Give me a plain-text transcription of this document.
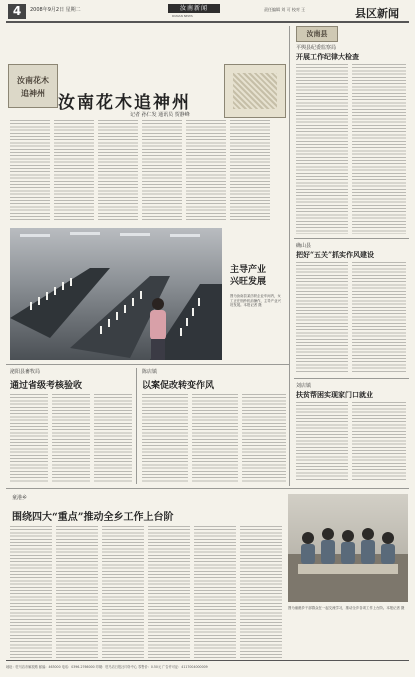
4	2008年9月2日 星期二	汝南新闻
RUNAN NEWS
责任编辑 刘 可 校对 王	县区新闻
汝南花木追神州
记者 孙仁发 通讯员 贺静峰
汝南花木
追神州
汝南县
平舆县纪委监察局
开展工作纪律大检查
确山县
把好“五关”抓实作风建设
刘店镇
扶贫帮困实现家门口就业
主导产业
兴旺发展
图为汝南县某纺织企业车间内，女工正在细纱机前操作，主导产业兴旺发展。本报记者 摄
泌阳县畜牧局
通过省级考核验收
陈店镇
以案促改转变作风
童港乡
围绕四大“重点”推动全乡工作上台阶
图为童港乡干部群众在一起交流学习，推动全乡各项工作上台阶。本报记者 摄
地址：驻马店市解放路 邮编：463000 电话：0396-2766000 印刷：驻马店日报社印务中心 零售价：0.50元 广告许可证：4117004000009
